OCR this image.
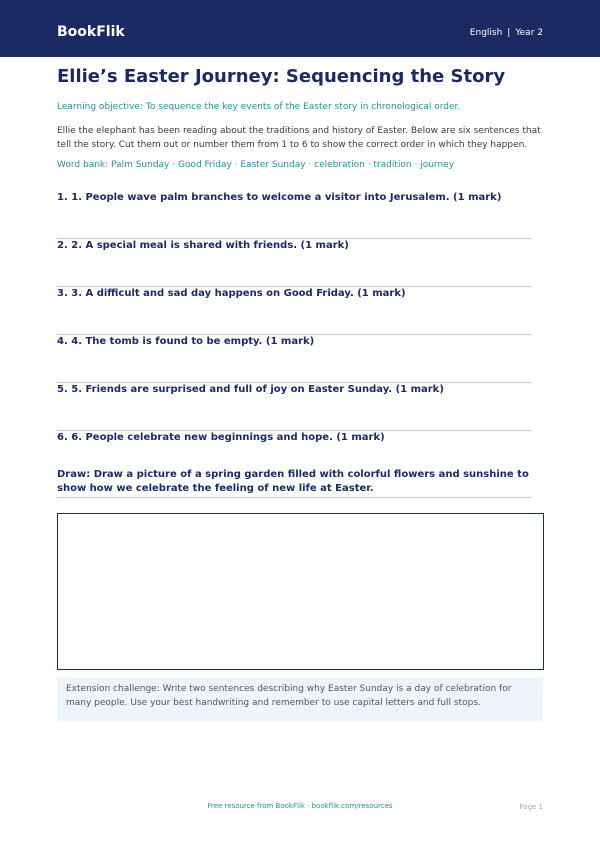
BookFlik	English | Year 2
Ellie’s Easter Journey: Sequencing the Story
Learning objective: To sequence the key events of the Easter story in chronological order.
Ellie the elephant has been reading about the traditions and history of Easter. Below are six sentences that tell the story. Cut them out or number them from 1 to 6 to show the correct order in which they happen.
Word bank: Palm Sunday · Good Friday · Easter Sunday · celebration · tradition · journey
1. 1. People wave palm branches to welcome a visitor into Jerusalem. (1 mark)
2. 2. A special meal is shared with friends. (1 mark)
3. 3. A difficult and sad day happens on Good Friday. (1 mark)
4. 4. The tomb is found to be empty. (1 mark)
5. 5. Friends are surprised and full of joy on Easter Sunday. (1 mark)
6. 6. People celebrate new beginnings and hope. (1 mark)
Draw: Draw a picture of a spring garden filled with colorful flowers and sunshine to show how we celebrate the feeling of new life at Easter.
Extension challenge: Write two sentences describing why Easter Sunday is a day of celebration for many people. Use your best handwriting and remember to use capital letters and full stops.
Free resource from BookFlik · bookflik.com/resources	Page 1
